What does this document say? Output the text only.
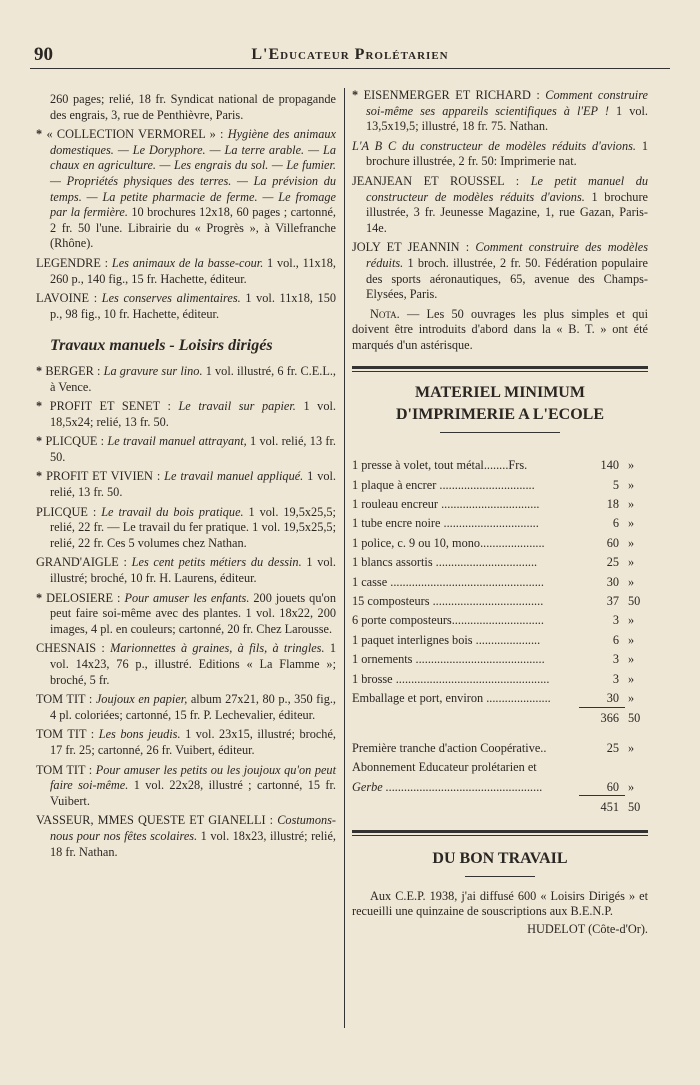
90	L'Educateur Prolétarien
260 pages; relié, 18 fr. Syndicat national de propagande des engrais, 3, rue de Penthièvre, Paris.
* « COLLECTION VERMOREL » : Hygiène des animaux domestiques. — Le Doryphore. — La terre arable. — La chaux en agriculture. — Les engrais du sol. — Le fumier. — Propriétés physiques des terres. — La prévision du temps. — La petite pharmacie de ferme. — Le fromage par la fermière. 10 brochures 12x18, 60 pages ; cartonné, 2 fr. 50 l'une. Librairie du « Progrès », à Villefranche (Rhône).
LEGENDRE : Les animaux de la basse-cour. 1 vol., 11x18, 260 p., 140 fig., 15 fr. Hachette, éditeur.
LAVOINE : Les conserves alimentaires. 1 vol. 11x18, 150 p., 98 fig., 10 fr. Hachette, éditeur.
Travaux manuels - Loisirs dirigés
* BERGER : La gravure sur lino. 1 vol. illustré, 6 fr. C.E.L., à Vence.
* PROFIT ET SENET : Le travail sur papier. 1 vol. 18,5x24; relié, 13 fr. 50.
* PLICQUE : Le travail manuel attrayant, 1 vol. relié, 13 fr. 50.
* PROFIT ET VIVIEN : Le travail manuel appliqué. 1 vol. relié, 13 fr. 50.
PLICQUE : Le travail du bois pratique. 1 vol. 19,5x25,5; relié, 22 fr. — Le travail du fer pratique. 1 vol. 19,5x25,5; relié, 22 fr. Ces 5 volumes chez Nathan.
GRAND'AIGLE : Les cent petits métiers du dessin. 1 vol. illustré; broché, 10 fr. H. Laurens, éditeur.
* DELOSIERE : Pour amuser les enfants. 200 jouets qu'on peut faire soi-même avec des plantes. 1 vol. 18x22, 200 images, 4 pl. en couleurs; cartonné, 20 fr. Chez Larousse.
CHESNAIS : Marionnettes à graines, à fils, à tringles. 1 vol. 14x23, 76 p., illustré. Editions « La Flamme »; broché, 5 fr.
TOM TIT : Joujoux en papier, album 27x21, 80 p., 350 fig., 4 pl. coloriées; cartonné, 15 fr. P. Lechevalier, éditeur.
TOM TIT : Les bons jeudis. 1 vol. 23x15, illustré; broché, 17 fr. 25; cartonné, 26 fr. Vuibert, éditeur.
TOM TIT : Pour amuser les petits ou les joujoux qu'on peut faire soi-même. 1 vol. 22x28, illustré ; cartonné, 15 fr. Vuibert.
VASSEUR, MMES QUESTE ET GIANELLI : Costumons-nous pour nos fêtes scolaires. 1 vol. 18x23, illustré; relié, 18 fr. Nathan.
* EISENMERGER ET RICHARD : Comment construire soi-même ses appareils scientifiques à l'EP ! 1 vol. 13,5x19,5; illustré, 18 fr. 75. Nathan.
L'A B C du constructeur de modèles réduits d'avions. 1 brochure illustrée, 2 fr. 50: Imprimerie nat.
JEANJEAN ET ROUSSEL : Le petit manuel du constructeur de modèles réduits d'avions. 1 brochure illustrée, 3 fr. Jeunesse Magazine, 1, rue Gazan, Paris-14e.
JOLY ET JEANNIN : Comment construire des modèles réduits. 1 broch. illustrée, 2 fr. 50. Fédération populaire des sports aéronautiques, 65, avenue des Champs-Elysées, Paris.
Nota. — Les 50 ouvrages les plus simples et qui doivent être introduits d'abord dans la « B. T. » ont été marqués d'un astérisque.
MATERIEL MINIMUM
D'IMPRIMERIE A L'ECOLE
1 presse à volet, tout métal........Frs.	140	»
1 plaque à encrer ...............................	5	»
1 rouleau encreur ................................	18	»
1 tube encre noire ...............................	6	»
1 police, c. 9 ou 10, mono.....................	60	»
1 blancs assortis .................................	25	»
1 casse ..................................................	30	»
15 composteurs ....................................	37	50
6 porte composteurs..............................	3	»
1 paquet interlignes bois .....................	6	»
1 ornements ..........................................	3	»
1 brosse ..................................................	3	»
Emballage et port, environ .....................	30	»
	366	50

Première tranche d'action Coopérative..	25	»
Abonnement Educateur prolétarien et		
Gerbe ...................................................	60	»
	451	50
DU BON TRAVAIL
Aux C.E.P. 1938, j'ai diffusé 600 « Loisirs Dirigés » et recueilli une quinzaine de souscriptions aux B.E.N.P.
HUDELOT (Côte-d'Or).
